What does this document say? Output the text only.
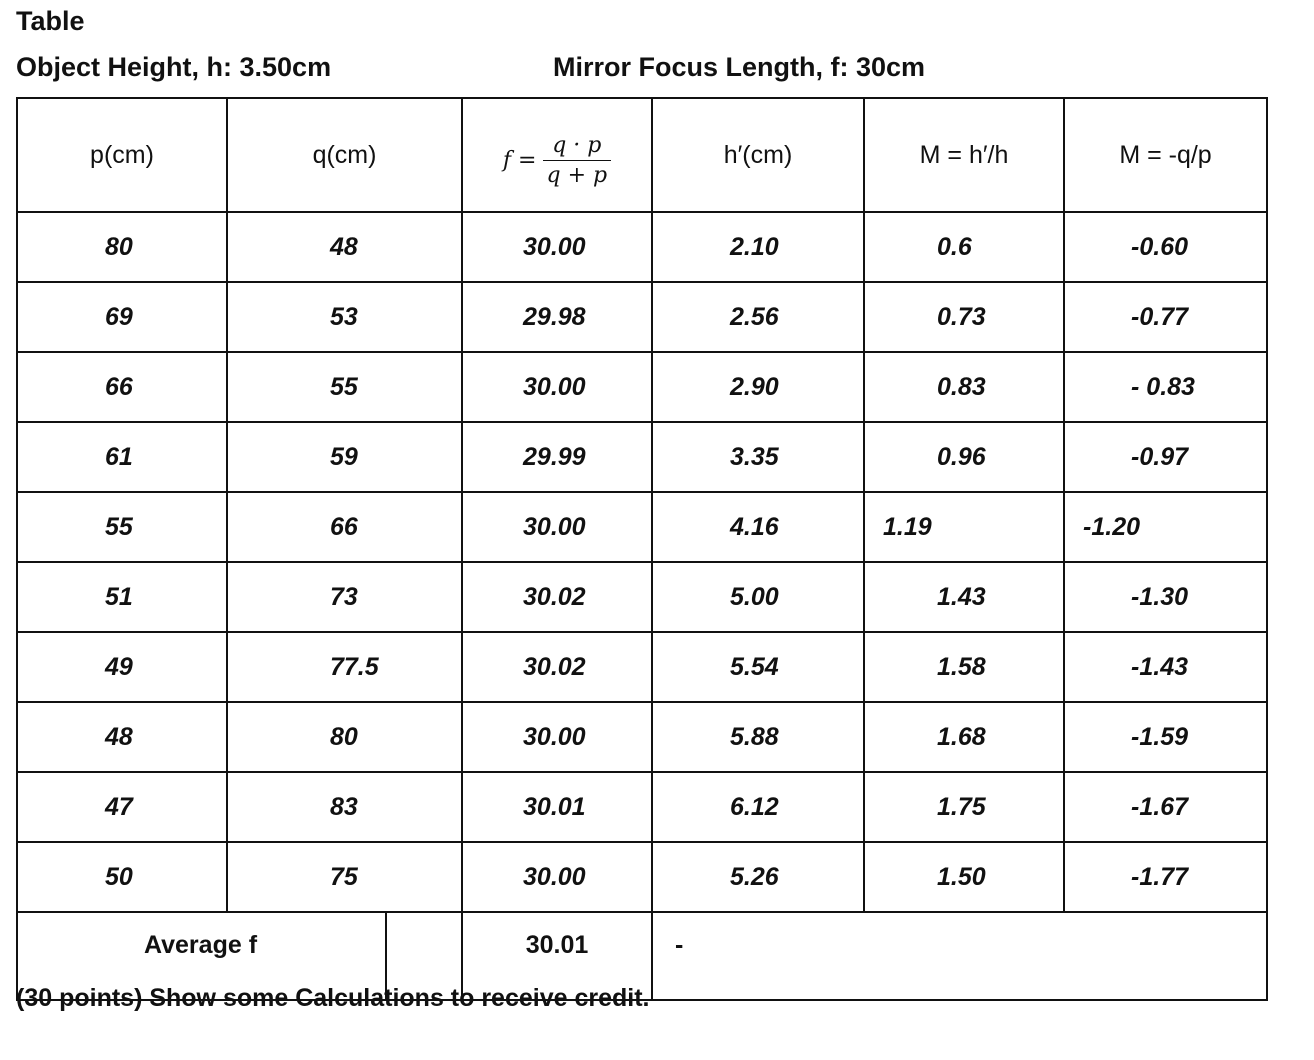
Table
Object Height, h: 3.50cm	Mirror Focus Length, f: 30cm
p(cm)	q(cm)		$f = \frac{q \cdot p}{q + p}$	h′(cm)	M = h′/h	M = -q/p
80	48		30.00	2.10	0.6	-0.60
69	53		29.98	2.56	0.73	-0.77
66	55		30.00	2.90	0.83	- 0.83
61	59		29.99	3.35	0.96	-0.97
55	66		30.00	4.16	1.19	-1.20
51	73		30.02	5.00	1.43	-1.30
49	77.5		30.02	5.54	1.58	-1.43
48	80		30.00	5.88	1.68	-1.59
47	83		30.01	6.12	1.75	-1.67
50	75		30.00	5.26	1.50	-1.77
Average f			30.01	-		
(30 points) Show some Calculations to receive credit.
